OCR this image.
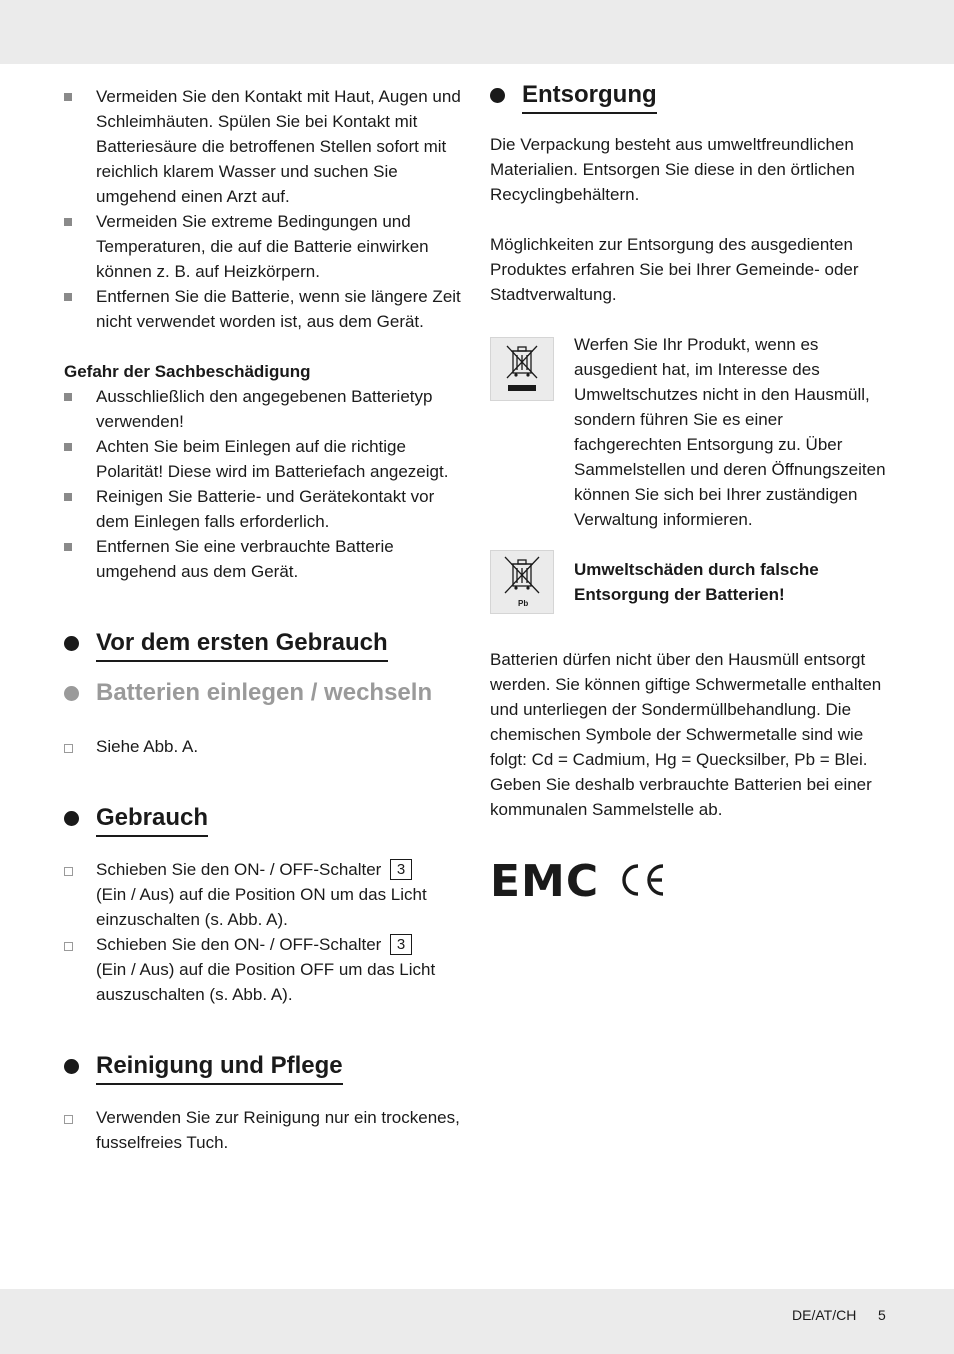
Vermeiden Sie den Kontakt mit Haut, Augen und Schleimhäuten. Spülen Sie bei Kontakt mit Batteriesäure die betroffenen Stellen sofort mit reichlich klarem Wasser und suchen Sie umgehend einen Arzt auf.
Vermeiden Sie extreme Bedingungen und Temperaturen, die auf die Batterie einwirken können z. B. auf Heizkörpern.
Entfernen Sie die Batterie, wenn sie längere Zeit nicht verwendet worden ist, aus dem Gerät.
Gefahr der Sachbeschädigung
Ausschließlich den angegebenen Batterietyp verwenden!
Achten Sie beim Einlegen auf die richtige Polarität! Diese wird im Batteriefach angezeigt.
Reinigen Sie Batterie- und Gerätekontakt vor dem Einlegen falls erforderlich.
Entfernen Sie eine verbrauchte Batterie umgehend aus dem Gerät.
Vor dem ersten Gebrauch
Batterien einlegen / wechseln
Siehe Abb. A.
Gebrauch
Schieben Sie den ON- / OFF-Schalter 3
(Ein / Aus) auf die Position ON um das Licht einzuschalten (s. Abb. A).
Schieben Sie den ON- / OFF-Schalter 3
(Ein / Aus) auf die Position OFF um das Licht auszuschalten (s. Abb. A).
Reinigung und Pflege
Verwenden Sie zur Reinigung nur ein trockenes, fusselfreies Tuch.
Entsorgung
Die Verpackung besteht aus umweltfreundlichen Materialien. Entsorgen Sie diese in den örtlichen Recyclingbehältern.
Möglichkeiten zur Entsorgung des ausgedienten Produktes erfahren Sie bei Ihrer Gemeinde- oder Stadtverwaltung.
Werfen Sie Ihr Produkt, wenn es ausgedient hat, im Interesse des Umweltschutzes nicht in den Hausmüll, sondern führen Sie es einer fachgerechten Entsorgung zu. Über Sammelstellen und deren Öffnungszeiten können Sie sich bei Ihrer zuständigen Verwaltung informieren.
Pb
Umweltschäden durch falsche Entsorgung der Batterien!
Batterien dürfen nicht über den Hausmüll entsorgt werden. Sie können giftige Schwermetalle enthalten und unterliegen der Sondermüllbehandlung. Die chemischen Symbole der Schwermetalle sind wie folgt: Cd = Cadmium, Hg = Quecksilber, Pb = Blei. Geben Sie deshalb verbrauchte Batterien bei einer kommunalen Sammelstelle ab.
EMC
DE/AT/CH 5
